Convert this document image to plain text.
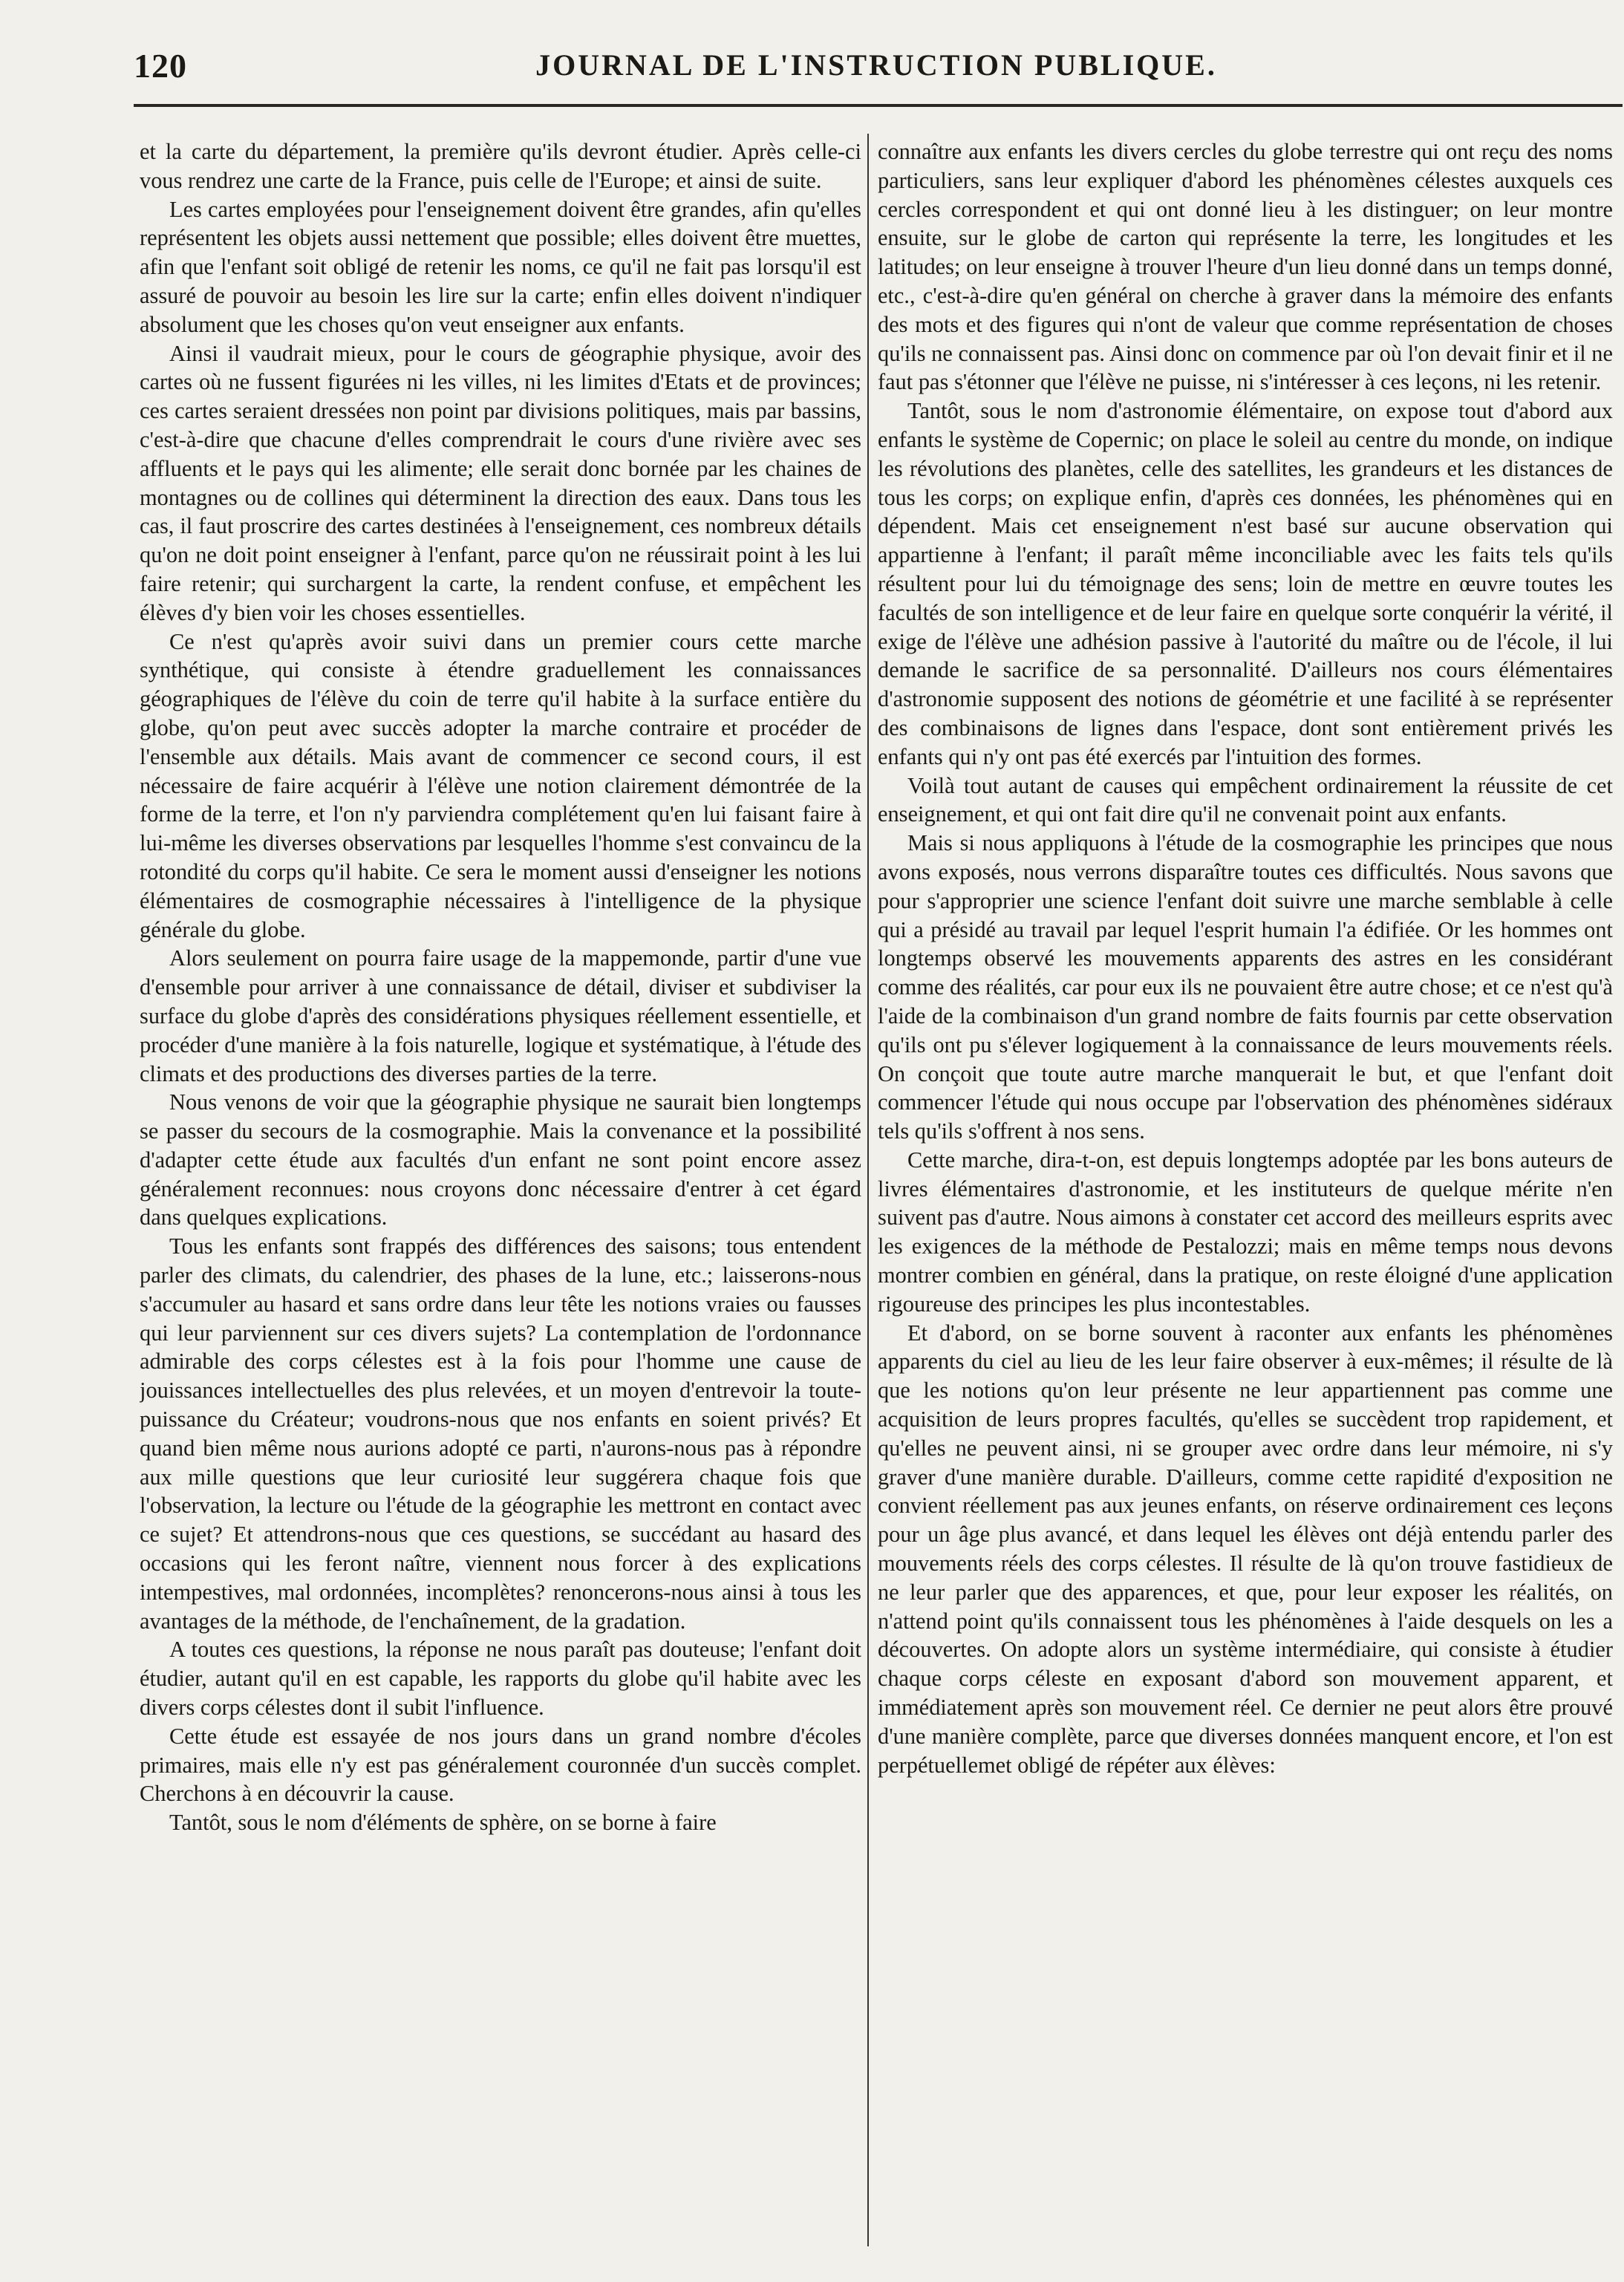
120	JOURNAL DE L'INSTRUCTION PUBLIQUE.

et la carte du département, la première qu'ils devront étudier. Après celle-ci vous rendrez une carte de la France, puis celle de l'Europe; et ainsi de suite.

Les cartes employées pour l'enseignement doivent être grandes, afin qu'elles représentent les objets aussi nettement que possible; elles doivent être muettes, afin que l'enfant soit obligé de retenir les noms, ce qu'il ne fait pas lorsqu'il est assuré de pouvoir au besoin les lire sur la carte; enfin elles doivent n'indiquer absolument que les choses qu'on veut enseigner aux enfants.

Ainsi il vaudrait mieux, pour le cours de géographie physique, avoir des cartes où ne fussent figurées ni les villes, ni les limites d'Etats et de provinces; ces cartes seraient dressées non point par divisions politiques, mais par bassins, c'est-à-dire que chacune d'elles comprendrait le cours d'une rivière avec ses affluents et le pays qui les alimente; elle serait donc bornée par les chaines de montagnes ou de collines qui déterminent la direction des eaux. Dans tous les cas, il faut proscrire des cartes destinées à l'enseignement, ces nombreux détails qu'on ne doit point enseigner à l'enfant, parce qu'on ne réussirait point à les lui faire retenir; qui surchargent la carte, la rendent confuse, et empêchent les élèves d'y bien voir les choses essentielles.

Ce n'est qu'après avoir suivi dans un premier cours cette marche synthétique, qui consiste à étendre graduellement les connaissances géographiques de l'élève du coin de terre qu'il habite à la surface entière du globe, qu'on peut avec succès adopter la marche contraire et procéder de l'ensemble aux détails. Mais avant de commencer ce second cours, il est nécessaire de faire acquérir à l'élève une notion clairement démontrée de la forme de la terre, et l'on n'y parviendra complétement qu'en lui faisant faire à lui-même les diverses observations par lesquelles l'homme s'est convaincu de la rotondité du corps qu'il habite. Ce sera le moment aussi d'enseigner les notions élémentaires de cosmographie nécessaires à l'intelligence de la physique générale du globe.

Alors seulement on pourra faire usage de la mappemonde, partir d'une vue d'ensemble pour arriver à une connaissance de détail, diviser et subdiviser la surface du globe d'après des considérations physiques réellement essentielle, et procéder d'une manière à la fois naturelle, logique et systématique, à l'étude des climats et des productions des diverses parties de la terre.

Nous venons de voir que la géographie physique ne saurait bien longtemps se passer du secours de la cosmographie. Mais la convenance et la possibilité d'adapter cette étude aux facultés d'un enfant ne sont point encore assez généralement reconnues: nous croyons donc nécessaire d'entrer à cet égard dans quelques explications.

Tous les enfants sont frappés des différences des saisons; tous entendent parler des climats, du calendrier, des phases de la lune, etc.; laisserons-nous s'accumuler au hasard et sans ordre dans leur tête les notions vraies ou fausses qui leur parviennent sur ces divers sujets? La contemplation de l'ordonnance admirable des corps célestes est à la fois pour l'homme une cause de jouissances intellectuelles des plus relevées, et un moyen d'entrevoir la toute-puissance du Créateur; voudrons-nous que nos enfants en soient privés? Et quand bien même nous aurions adopté ce parti, n'aurons-nous pas à répondre aux mille questions que leur curiosité leur suggérera chaque fois que l'observation, la lecture ou l'étude de la géographie les mettront en contact avec ce sujet? Et attendrons-nous que ces questions, se succédant au hasard des occasions qui les feront naître, viennent nous forcer à des explications intempestives, mal ordonnées, incomplètes? renoncerons-nous ainsi à tous les avantages de la méthode, de l'enchaînement, de la gradation.

A toutes ces questions, la réponse ne nous paraît pas douteuse; l'enfant doit étudier, autant qu'il en est capable, les rapports du globe qu'il habite avec les divers corps célestes dont il subit l'influence.

Cette étude est essayée de nos jours dans un grand nombre d'écoles primaires, mais elle n'y est pas généralement couronnée d'un succès complet. Cherchons à en découvrir la cause.

Tantôt, sous le nom d'éléments de sphère, on se borne à faire

connaître aux enfants les divers cercles du globe terrestre qui ont reçu des noms particuliers, sans leur expliquer d'abord les phénomènes célestes auxquels ces cercles correspondent et qui ont donné lieu à les distinguer; on leur montre ensuite, sur le globe de carton qui représente la terre, les longitudes et les latitudes; on leur enseigne à trouver l'heure d'un lieu donné dans un temps donné, etc., c'est-à-dire qu'en général on cherche à graver dans la mémoire des enfants des mots et des figures qui n'ont de valeur que comme représentation de choses qu'ils ne connaissent pas. Ainsi donc on commence par où l'on devait finir et il ne faut pas s'étonner que l'élève ne puisse, ni s'intéresser à ces leçons, ni les retenir.

Tantôt, sous le nom d'astronomie élémentaire, on expose tout d'abord aux enfants le système de Copernic; on place le soleil au centre du monde, on indique les révolutions des planètes, celle des satellites, les grandeurs et les distances de tous les corps; on explique enfin, d'après ces données, les phénomènes qui en dépendent. Mais cet enseignement n'est basé sur aucune observation qui appartienne à l'enfant; il paraît même inconciliable avec les faits tels qu'ils résultent pour lui du témoignage des sens; loin de mettre en œuvre toutes les facultés de son intelligence et de leur faire en quelque sorte conquérir la vérité, il exige de l'élève une adhésion passive à l'autorité du maître ou de l'école, il lui demande le sacrifice de sa personnalité. D'ailleurs nos cours élémentaires d'astronomie supposent des notions de géométrie et une facilité à se représenter des combinaisons de lignes dans l'espace, dont sont entièrement privés les enfants qui n'y ont pas été exercés par l'intuition des formes.

Voilà tout autant de causes qui empêchent ordinairement la réussite de cet enseignement, et qui ont fait dire qu'il ne convenait point aux enfants.

Mais si nous appliquons à l'étude de la cosmographie les principes que nous avons exposés, nous verrons disparaître toutes ces difficultés. Nous savons que pour s'approprier une science l'enfant doit suivre une marche semblable à celle qui a présidé au travail par lequel l'esprit humain l'a édifiée. Or les hommes ont longtemps observé les mouvements apparents des astres en les considérant comme des réalités, car pour eux ils ne pouvaient être autre chose; et ce n'est qu'à l'aide de la combinaison d'un grand nombre de faits fournis par cette observation qu'ils ont pu s'élever logiquement à la connaissance de leurs mouvements réels. On conçoit que toute autre marche manquerait le but, et que l'enfant doit commencer l'étude qui nous occupe par l'observation des phénomènes sidéraux tels qu'ils s'offrent à nos sens.

Cette marche, dira-t-on, est depuis longtemps adoptée par les bons auteurs de livres élémentaires d'astronomie, et les instituteurs de quelque mérite n'en suivent pas d'autre. Nous aimons à constater cet accord des meilleurs esprits avec les exigences de la méthode de Pestalozzi; mais en même temps nous devons montrer combien en général, dans la pratique, on reste éloigné d'une application rigoureuse des principes les plus incontestables.

Et d'abord, on se borne souvent à raconter aux enfants les phénomènes apparents du ciel au lieu de les leur faire observer à eux-mêmes; il résulte de là que les notions qu'on leur présente ne leur appartiennent pas comme une acquisition de leurs propres facultés, qu'elles se succèdent trop rapidement, et qu'elles ne peuvent ainsi, ni se grouper avec ordre dans leur mémoire, ni s'y graver d'une manière durable. D'ailleurs, comme cette rapidité d'exposition ne convient réellement pas aux jeunes enfants, on réserve ordinairement ces leçons pour un âge plus avancé, et dans lequel les élèves ont déjà entendu parler des mouvements réels des corps célestes. Il résulte de là qu'on trouve fastidieux de ne leur parler que des apparences, et que, pour leur exposer les réalités, on n'attend point qu'ils connaissent tous les phénomènes à l'aide desquels on les a découvertes. On adopte alors un système intermédiaire, qui consiste à étudier chaque corps céleste en exposant d'abord son mouvement apparent, et immédiatement après son mouvement réel. Ce dernier ne peut alors être prouvé d'une manière complète, parce que diverses données manquent encore, et l'on est perpétuellemet obligé de répéter aux élèves:
